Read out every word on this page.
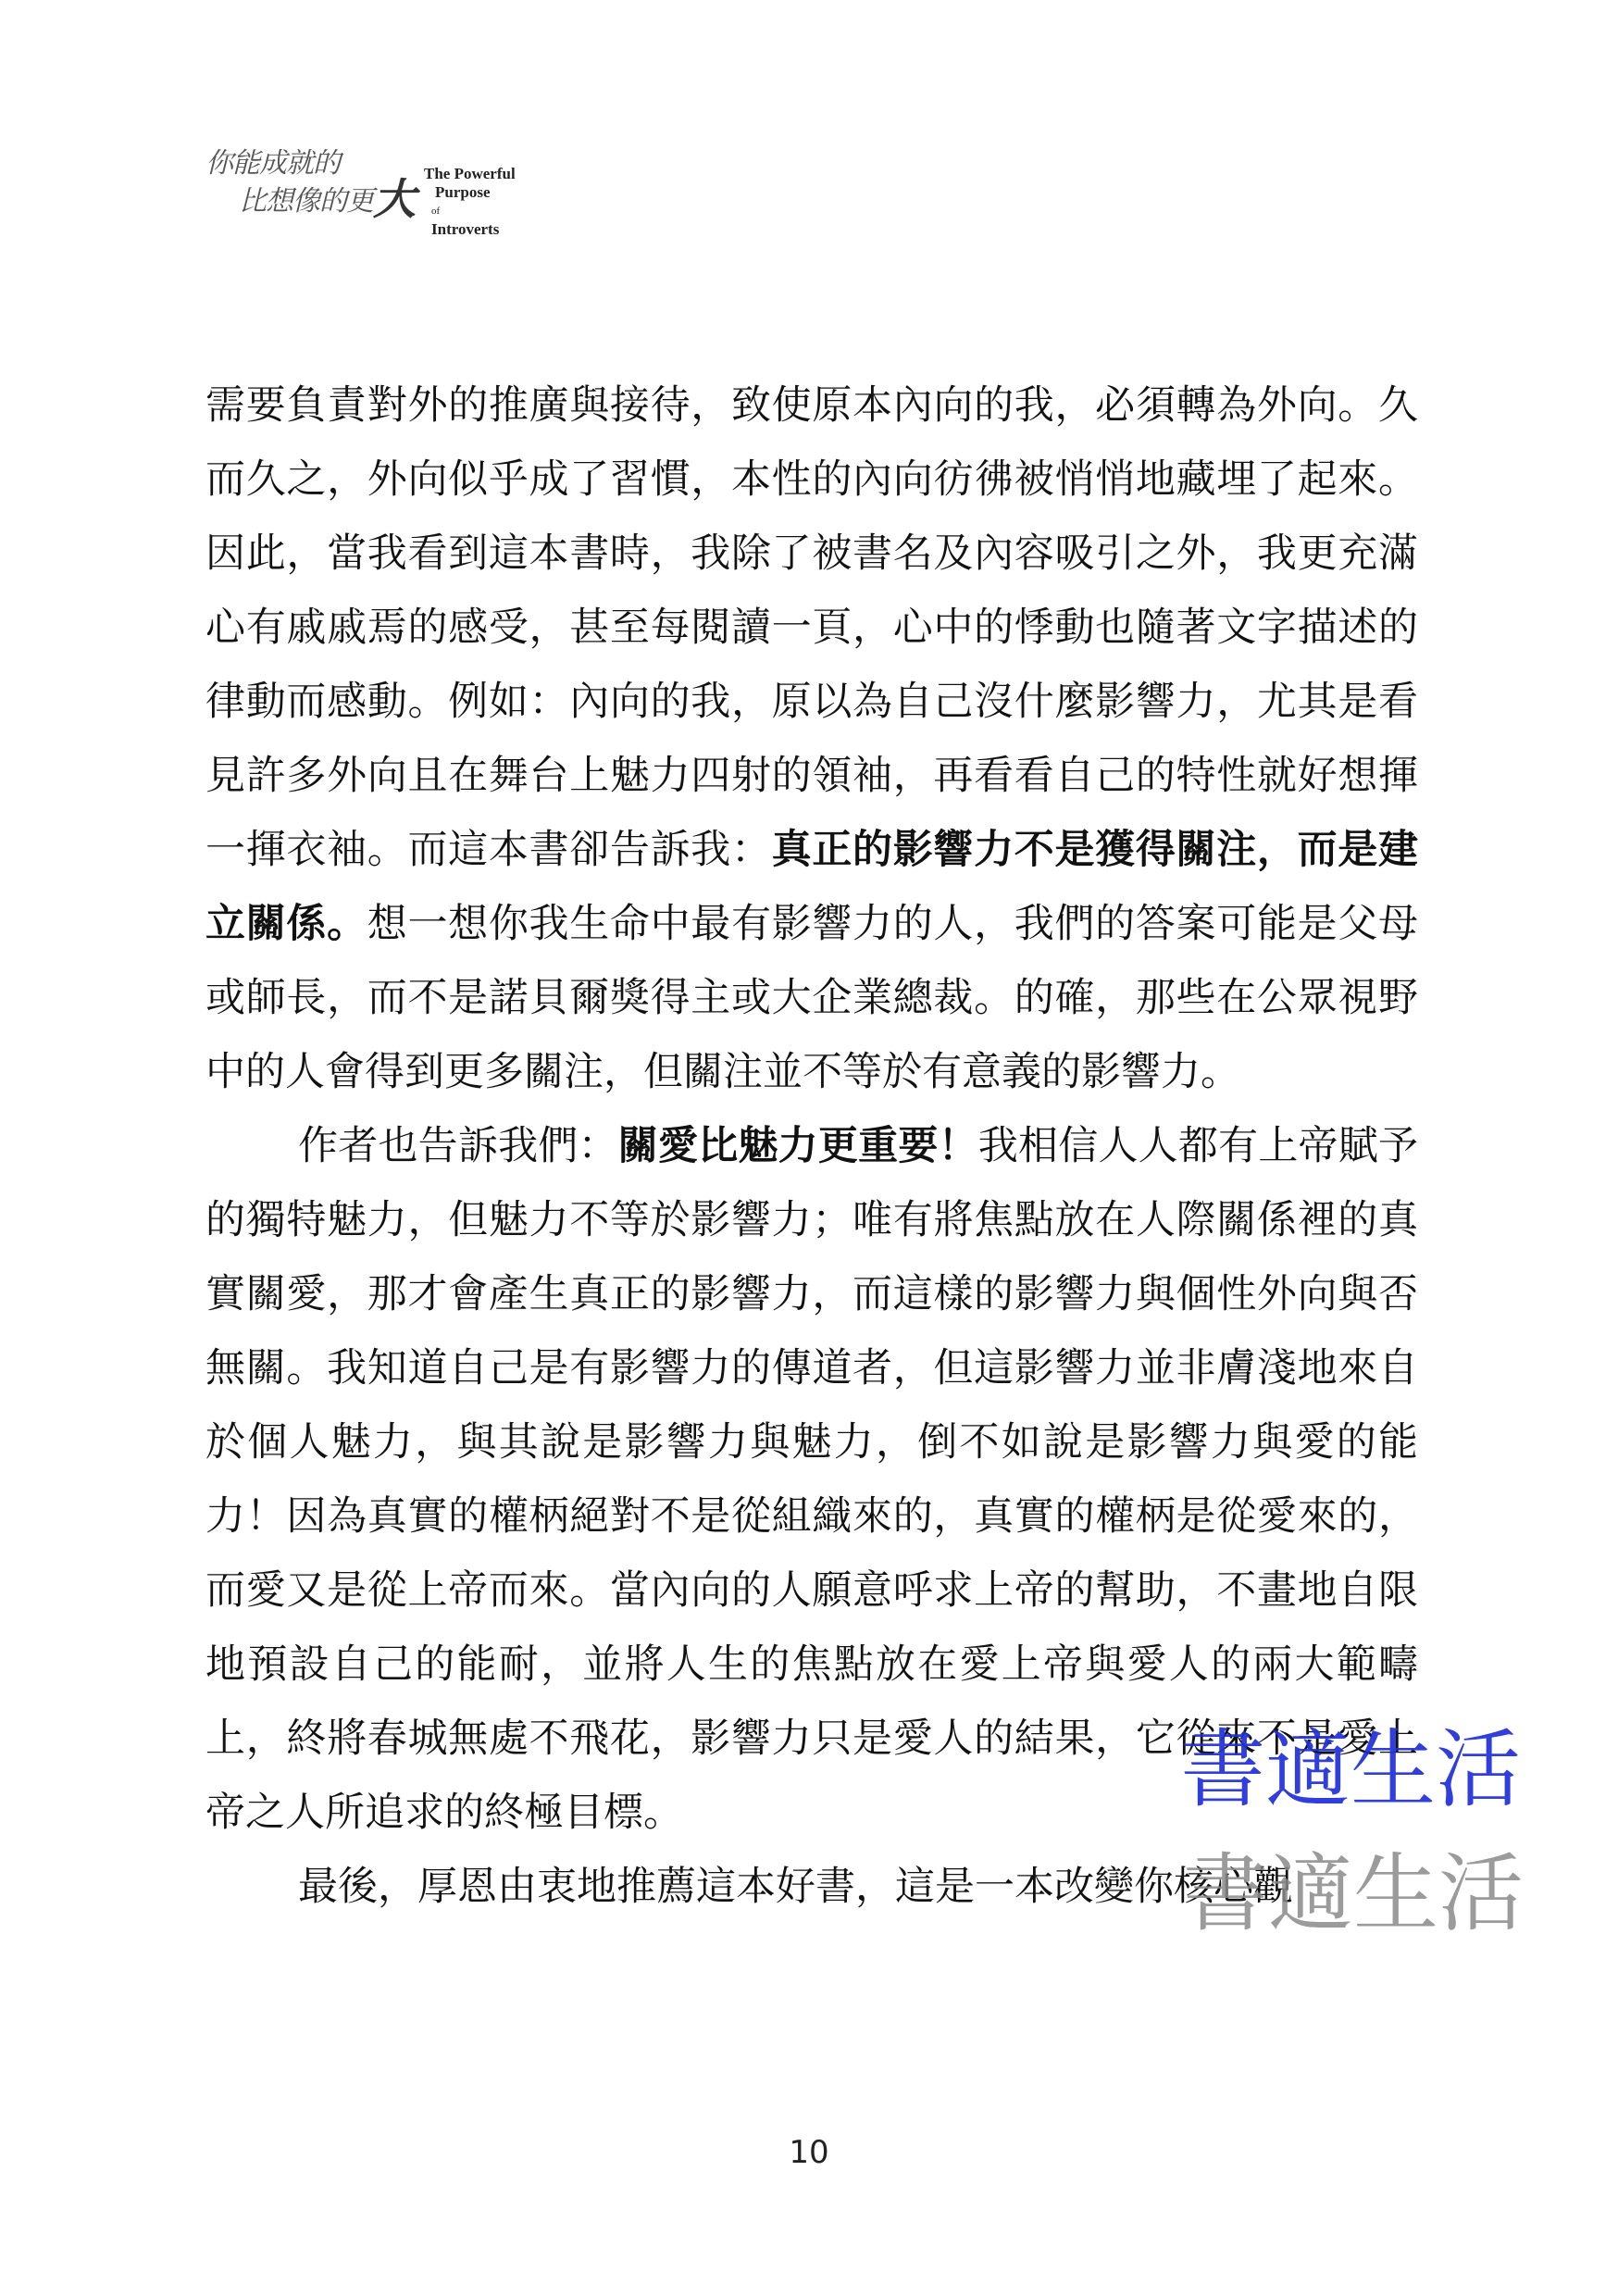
你能成就的
比想像的更大
The Powerful
Purpose
of
Introverts

需要負責對外的推廣與接待，致使原本內向的我，必須轉為外向。久而久之，外向似乎成了習慣，本性的內向彷彿被悄悄地藏埋了起來。因此，當我看到這本書時，我除了被書名及內容吸引之外，我更充滿心有戚戚焉的感受，甚至每閱讀一頁，心中的悸動也隨著文字描述的律動而感動。例如：內向的我，原以為自己沒什麼影響力，尤其是看見許多外向且在舞台上魅力四射的領袖，再看看自己的特性就好想揮一揮衣袖。而這本書卻告訴我：真正的影響力不是獲得關注，而是建立關係。想一想你我生命中最有影響力的人，我們的答案可能是父母或師長，而不是諾貝爾獎得主或大企業總裁。的確，那些在公眾視野中的人會得到更多關注，但關注並不等於有意義的影響力。

作者也告訴我們：關愛比魅力更重要！我相信人人都有上帝賦予的獨特魅力，但魅力不等於影響力；唯有將焦點放在人際關係裡的真實關愛，那才會產生真正的影響力，而這樣的影響力與個性外向與否無關。我知道自己是有影響力的傳道者，但這影響力並非膚淺地來自於個人魅力，與其說是影響力與魅力，倒不如說是影響力與愛的能力！因為真實的權柄絕對不是從組織來的，真實的權柄是從愛來的，而愛又是從上帝而來。當內向的人願意呼求上帝的幫助，不畫地自限地預設自己的能耐，並將人生的焦點放在愛上帝與愛人的兩大範疇上，終將春城無處不飛花，影響力只是愛人的結果，它從來不是愛上帝之人所追求的終極目標。

最後，厚恩由衷地推薦這本好書，這是一本改變你核心觀

書適生活
書適生活
10
